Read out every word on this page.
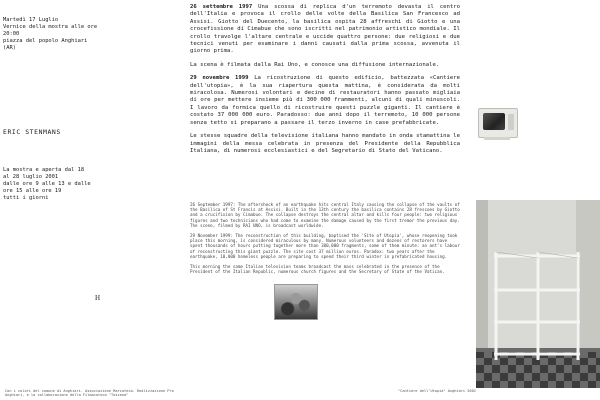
Martedì 17 Luglio
Vernice della mostra alle ore 20:00
piazza del popolo Anghiari (AR)
ERIC STENMANS
La mostra e aperta dal 18 al 28 luglio 2001
dalle ore 9 alle 13 e dalle ore 15 alle ore 19
tutti i giorni
H

26 settembre 1997 Una scossa di replica d'un terremoto devasta il centro dell'Italia e provoca il crollo delle volte della Basilica San Francesco ad Assisi. Giotto del Duecento, la basilica ospita 28 affreschi di Giotto e una crocefissione di Cimabue che sono iscritti nel patrimonio artistico mondiale. Il crollo travolge l'altare centrale e uccide quattro persone: due religiosi e due tecnici venuti per esaminare i danni causati dalla prima scossa, avvenuta il giorno prima.

La scena è filmata dalla Rai Uno, e conosce una diffusione internazionale.

29 novembre 1999 La ricostruzione di questo edificio, battezzata «Cantiere dell'utopia», è la sua riapertura questa mattina, è considerata da molti miracolosa. Numerosi volontari e decine di restauratori hanno passato migliaia di ore per mettere insieme più di 300 000 frammenti, alcuni di quali minuscoli. I lavoro da formica quello di ricostruire questi puzzle giganti. Il cantiere è costato 37 000 000 euro. Paradosso: due anni dopo il terremoto, 10 000 persone senza tetto si preparano a passare il terzo inverno in case prefabbricate.

Le stesse squadre della televisione italiana hanno mandato in onda stamattina le immagini della messa celebrata in presenza del Presidente della Repubblica Italiana, di numerosi ecclesiastici e del Segretario di Stato del Vaticano.

26 September 1997: The aftershock of an earthquake hits central Italy causing the collapse of the vaults of the Basilica of St Francis at Assisi. Built in the 13th century the basilica contains 28 frescoes by Giotto and a crucifixion by Cimabue. The collapse destroys the central altar and kills four people: two religious figures and two technicians who had come to examine the damage caused by the first tremor the previous day. The scene, filmed by RAI UNO, is broadcast worldwide.

29 November 1999: The reconstruction of this building, baptised the 'Site of Utopia', whose reopening took place this morning, is considered miraculous by many. Numerous volunteers and dozens of restorers have spent thousands of hours putting together more than 300,000 fragments, some of them minute: an ant's labour of reconstructing this giant puzzle. The site cost 37 million euros. Paradox: two years after the earthquake, 10,000 homeless people are preparing to spend their third winter in prefabricated housing.

This morning the same Italian television teams broadcast the mass celebrated in the presence of the President of the Italian Republic, numerous church figures and the Secretary of State of the Vatican.

Con i colori del comune di Anghiari. Associazione Marcoteca. Realizzazione Pro Anghiari, e la collaborazione della Filmacoteca "Toscana"
"Cantiere dell'Utopia" Anghiari 2001
